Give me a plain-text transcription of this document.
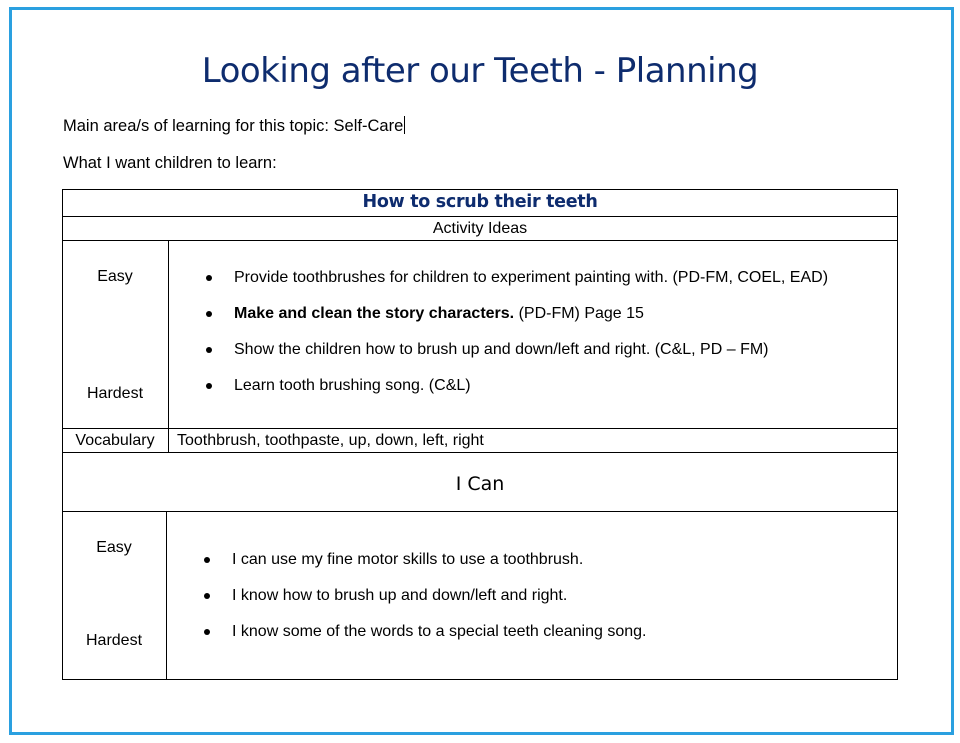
Looking after our Teeth - Planning
Main area/s of learning for this topic: Self-Care
What I want children to learn:
How to scrub their teeth
Activity Ideas
Easy
Hardest
Provide toothbrushes for children to experiment painting with. (PD-FM, COEL, EAD)
Make and clean the story characters. (PD-FM) Page 15
Show the children how to brush up and down/left and right. (C&L, PD – FM)
Learn tooth brushing song. (C&L)
Vocabulary	Toothbrush, toothpaste, up, down, left, right
I Can
Easy
Hardest
I can use my fine motor skills to use a toothbrush.
I know how to brush up and down/left and right.
I know some of the words to a special teeth cleaning song.
